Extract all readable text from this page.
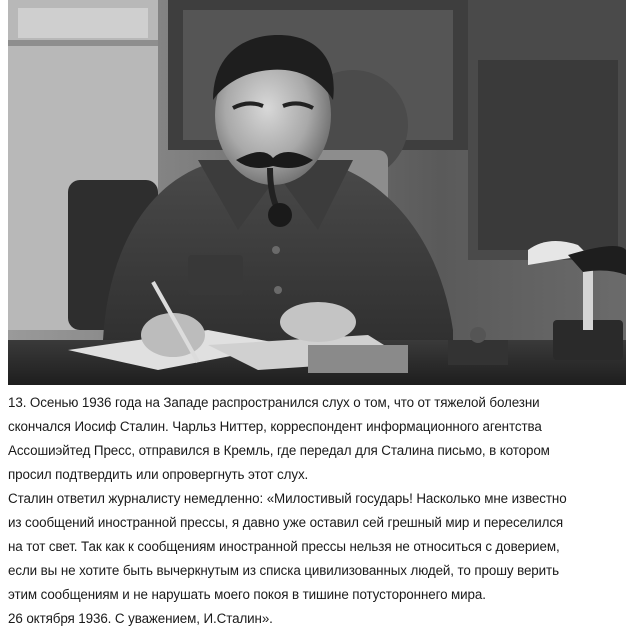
13. Осенью 1936 года на Западе распространился слух о том, что от тяжелой болезни

скончался Иосиф Сталин. Чарльз Ниттер, корреспондент информационного агентства

Ассошиэйтед Пресс, отправился в Кремль, где передал для Сталина письмо, в котором

просил подтвердить или опровергнуть этот слух.

Сталин ответил журналисту немедленно: «Милостивый государь! Насколько мне известно

из сообщений иностранной прессы, я давно уже оставил сей грешный мир и переселился

на тот свет. Так как к сообщениям иностранной прессы нельзя не относиться с доверием,

если вы не хотите быть вычеркнутым из списка цивилизованных людей, то прошу верить

этим сообщениям и не нарушать моего покоя в тишине потустороннего мира.

26 октября 1936. С уважением, И.Сталин».
